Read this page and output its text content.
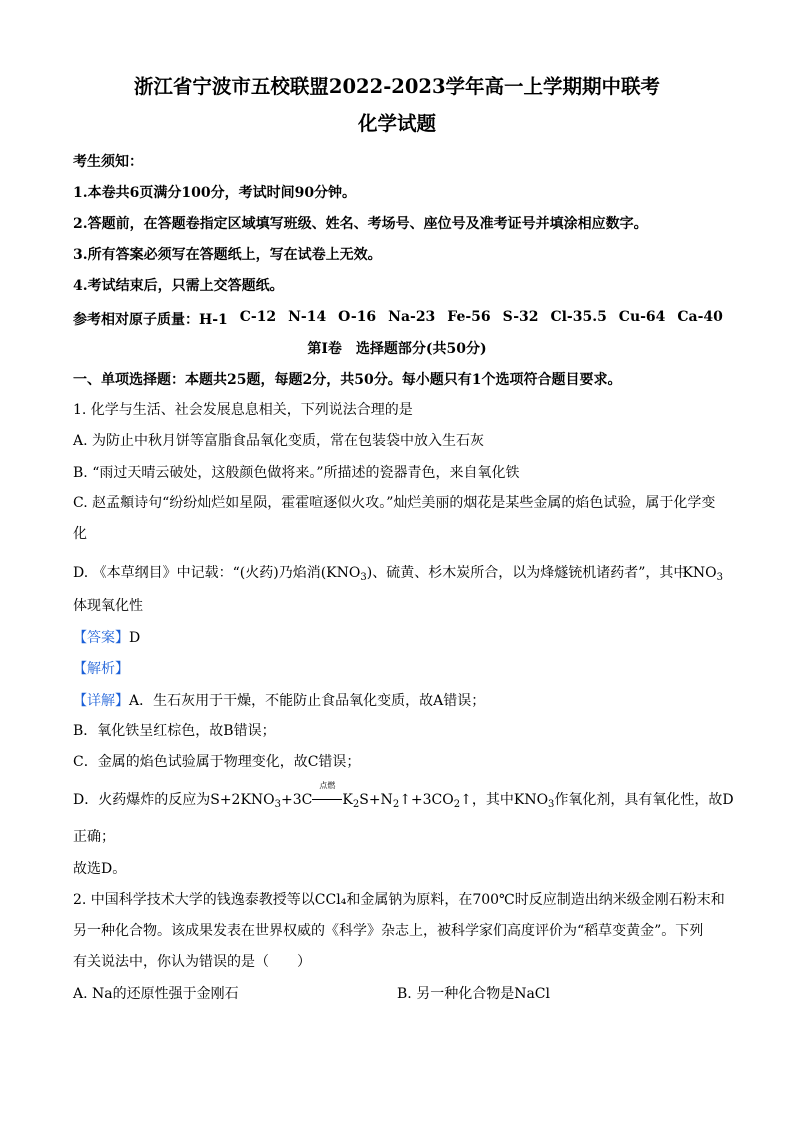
浙江省宁波市五校联盟2022-2023学年高一上学期期中联考
化学试题
考生须知：
1.本卷共6页满分100分，考试时间90分钟。
2.答题前，在答题卷指定区域填写班级、姓名、考场号、座位号及准考证号并填涂相应数字。
3.所有答案必须写在答题纸上，写在试卷上无效。
4.考试结束后，只需上交答题纸。
参考相对原子质量：H-1 C-12 N-14 O-16 Na-23 Fe-56 S-32 Cl-35.5 Cu-64 Ca-40
第Ⅰ卷　选择题部分(共50分)
一、单项选择题：本题共25题，每题2分，共50分。每小题只有1个选项符合题目要求。
1. 化学与生活、社会发展息息相关，下列说法合理的是
A. 为防止中秋月饼等富脂食品氧化变质，常在包装袋中放入生石灰
B. “雨过天晴云破处，这般颜色做将来。”所描述的瓷器青色，来自氧化铁
C. 赵孟頫诗句“纷纷灿烂如星陨，霍霍喧逐似火攻。”灿烂美丽的烟花是某些金属的焰色试验，属于化学变
化
D. 《本草纲目》中记载：“(火药)乃焰消$(KNO_3)$、硫黄、杉木炭所合，以为烽燧铳机诸药者”，其中
$KNO_3$
体现氧化性
【答案】D
【解析】
【详解】A．生石灰用于干燥，不能防止食品氧化变质，故A错误；
B．氧化铁呈红棕色，故B错误；
C．金属的焰色试验属于物理变化，故C错误；
D．火药爆炸的反应为$S+2KNO_3+3C$
点燃
$K_2S+N_2↑+3CO_2↑$，其中$KNO_3$作氧化剂，具有氧化性，故D
正确；
故选D。
2. 中国科学技术大学的钱逸泰教授等以CCl₄和金属钠为原料，在700℃时反应制造出纳米级金刚石粉末和
另一种化合物。该成果发表在世界权威的《科学》杂志上，被科学家们高度评价为“稻草变黄金”。下列
有关说法中，你认为错误的是（　　）
A. Na的还原性强于金刚石	B. 另一种化合物是NaCl
